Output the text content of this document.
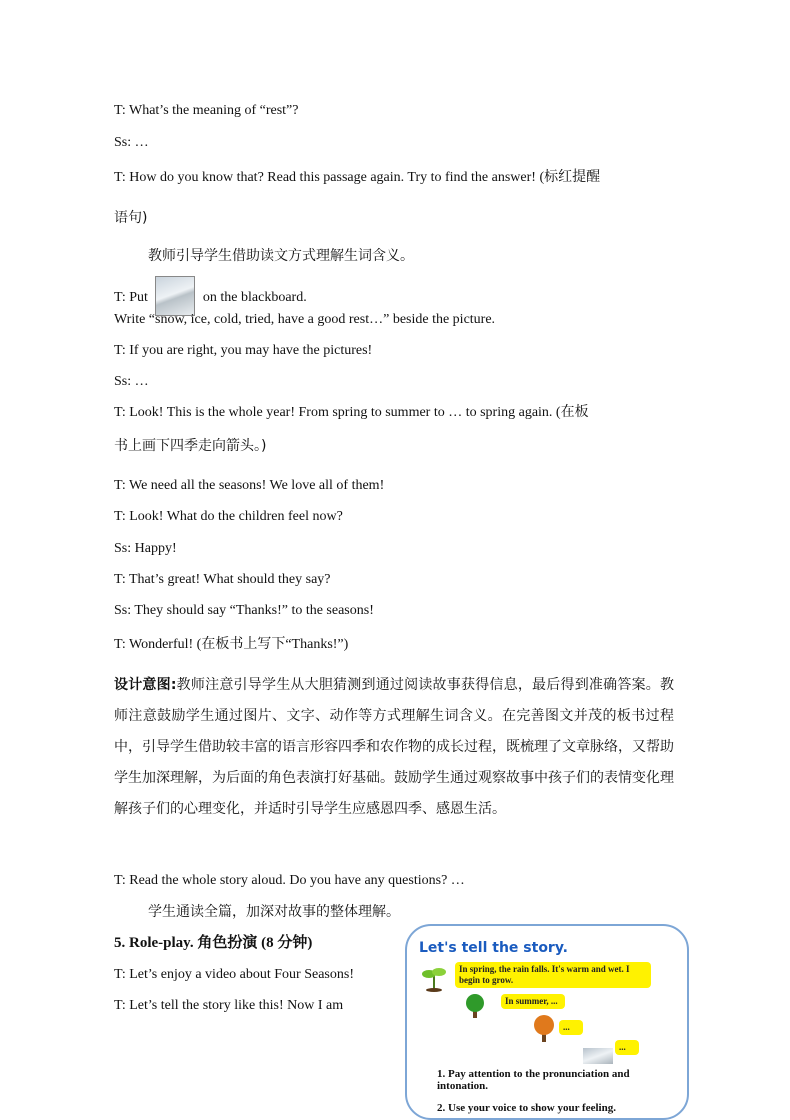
T: What’s the meaning of “rest”?
Ss: …
T: How do you know that? Read this passage again. Try to find the answer! (标红提醒
语句)
教师引导学生借助读文方式理解生词含义。
T: Put	on the blackboard.
Write “snow, ice, cold, tried, have a good rest…” beside the picture.
T: If you are right, you may have the pictures!
Ss: …
T: Look! This is the whole year! From spring to summer to … to spring again. (在板
书上画下四季走向箭头。)
T: We need all the seasons! We love all of them!
T: Look! What do the children feel now?
Ss: Happy!
T: That’s great! What should they say?
Ss: They should say “Thanks!” to the seasons!
T: Wonderful! (在板书上写下“Thanks!”)
设计意图:教师注意引导学生从大胆猜测到通过阅读故事获得信息，最后得到准确答案。教师注意鼓励学生通过图片、文字、动作等方式理解生词含义。在完善图文并茂的板书过程中，引导学生借助较丰富的语言形容四季和农作物的成长过程，既梳理了文章脉络，又帮助学生加深理解，为后面的角色表演打好基础。鼓励学生通过观察故事中孩子们的表情变化理解孩子们的心理变化，并适时引导学生应感恩四季、感恩生活。
T: Read the whole story aloud. Do you have any questions? …
学生通读全篇，加深对故事的整体理解。
5. Role-play. 角色扮演 (8 分钟)
T: Let’s enjoy a video about Four Seasons!
T: Let’s tell the story like this! Now I am
Let's tell the story.
In spring, the rain falls. It's warm and wet. I begin to grow.
In summer, ...
...
...
1. Pay attention to the pronunciation and intonation.
2. Use your voice to show your feeling.
